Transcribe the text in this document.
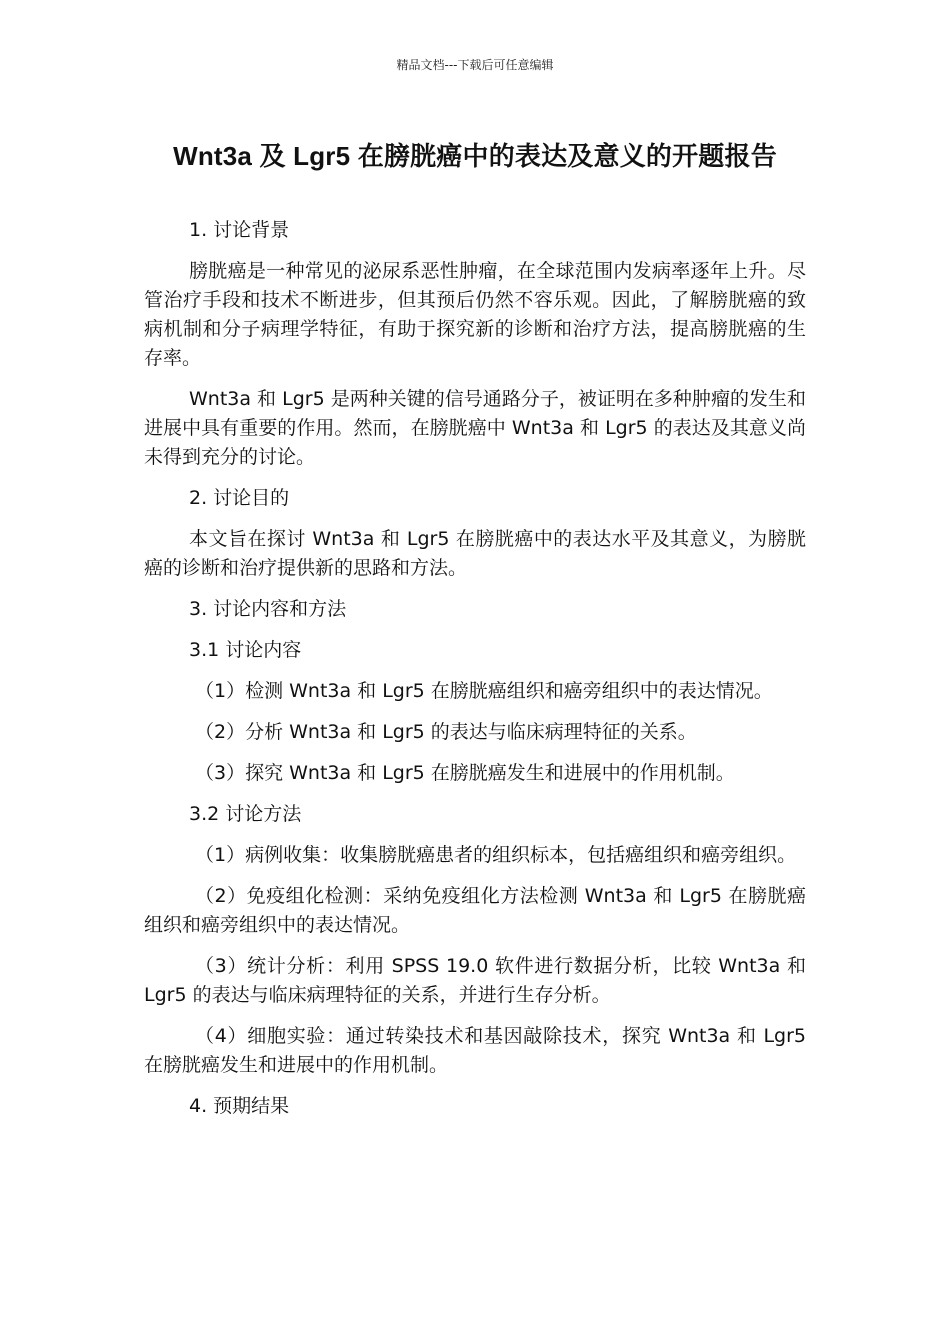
精品文档---下载后可任意编辑
Wnt3a 及 Lgr5 在膀胱癌中的表达及意义的开题报告
1. 讨论背景
膀胱癌是一种常见的泌尿系恶性肿瘤，在全球范围内发病率逐年上升。尽管治疗手段和技术不断进步，但其预后仍然不容乐观。因此，了解膀胱癌的致病机制和分子病理学特征，有助于探究新的诊断和治疗方法，提高膀胱癌的生存率。
Wnt3a 和 Lgr5 是两种关键的信号通路分子，被证明在多种肿瘤的发生和进展中具有重要的作用。然而，在膀胱癌中 Wnt3a 和 Lgr5 的表达及其意义尚未得到充分的讨论。
2. 讨论目的
本文旨在探讨 Wnt3a 和 Lgr5 在膀胱癌中的表达水平及其意义，为膀胱癌的诊断和治疗提供新的思路和方法。
3. 讨论内容和方法
3.1 讨论内容
（1）检测 Wnt3a 和 Lgr5 在膀胱癌组织和癌旁组织中的表达情况。
（2）分析 Wnt3a 和 Lgr5 的表达与临床病理特征的关系。
（3）探究 Wnt3a 和 Lgr5 在膀胱癌发生和进展中的作用机制。
3.2 讨论方法
（1）病例收集：收集膀胱癌患者的组织标本，包括癌组织和癌旁组织。
（2）免疫组化检测：采纳免疫组化方法检测 Wnt3a 和 Lgr5 在膀胱癌组织和癌旁组织中的表达情况。
（3）统计分析：利用 SPSS 19.0 软件进行数据分析，比较 Wnt3a 和 Lgr5 的表达与临床病理特征的关系，并进行生存分析。
（4）细胞实验：通过转染技术和基因敲除技术，探究 Wnt3a 和 Lgr5 在膀胱癌发生和进展中的作用机制。
4. 预期结果
